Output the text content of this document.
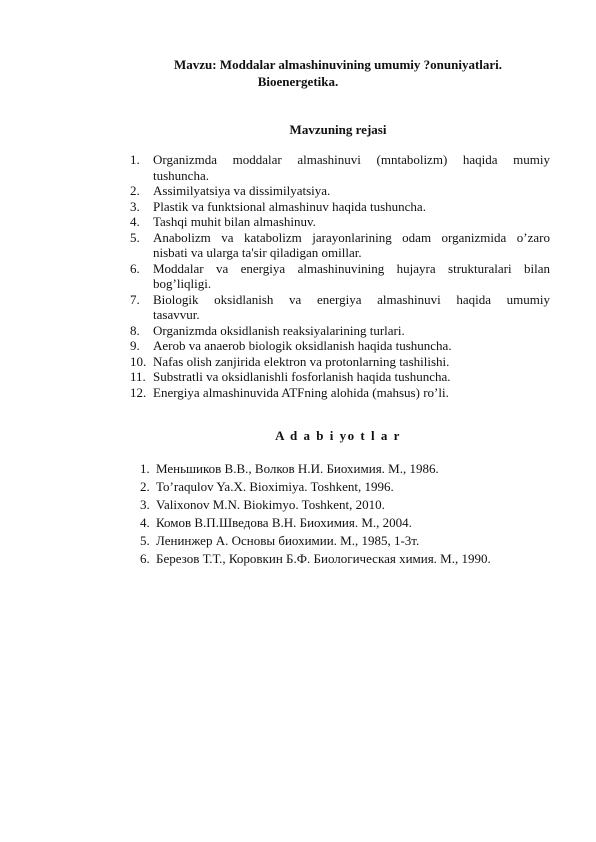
Mavzu: Moddalar almashinuvining umumiy ?onuniyatlari.
Bioenergetika.
Mavzuning rejasi
1.	Organizmda moddalar almashinuvi (mntabolizm) haqida mumiy
tushuncha.
2.	Assimilyatsiya va dissimilyatsiya.
3.	Plastik va funktsional almashinuv haqida tushuncha.
4.	Tashqi muhit bilan almashinuv.
5.	Anabolizm va katabolizm jarayonlarining odam organizmida o’zaro
nisbati va ularga ta'sir qiladigan omillar.
6.	Moddalar va energiya almashinuvining hujayra strukturalari bilan
bog’liqligi.
7.	Biologik oksidlanish va energiya almashinuvi haqida umumiy
tasavvur.
8.	Organizmda oksidlanish reaksiyalarining turlari.
9.	Aerob va anaerob biologik oksidlanish haqida tushuncha.
10. Nafas olish zanjirida elektron va protonlarning tashilishi.
11. Substratli va oksidlanishli fosforlanish haqida tushuncha.
12. Energiya almashinuvida ATFning alohida (mahsus) ro’li.
A d a b i yo t l a r
1. Меньшиков В.В., Волков Н.И. Биохимия. М., 1986.
2. To’raqulov Ya.X. Bioximiya. Toshkent, 1996.
3. Valixonov M.N. Biokimyo. Toshkent, 2010.
4. Комов В.П.Шведова В.Н. Биохимия. М., 2004.
5. Ленинжер А. Основы биохимии. М., 1985, 1-3т.
6. Березов Т.Т., Коровкин Б.Ф. Биологическая химия. М., 1990.
